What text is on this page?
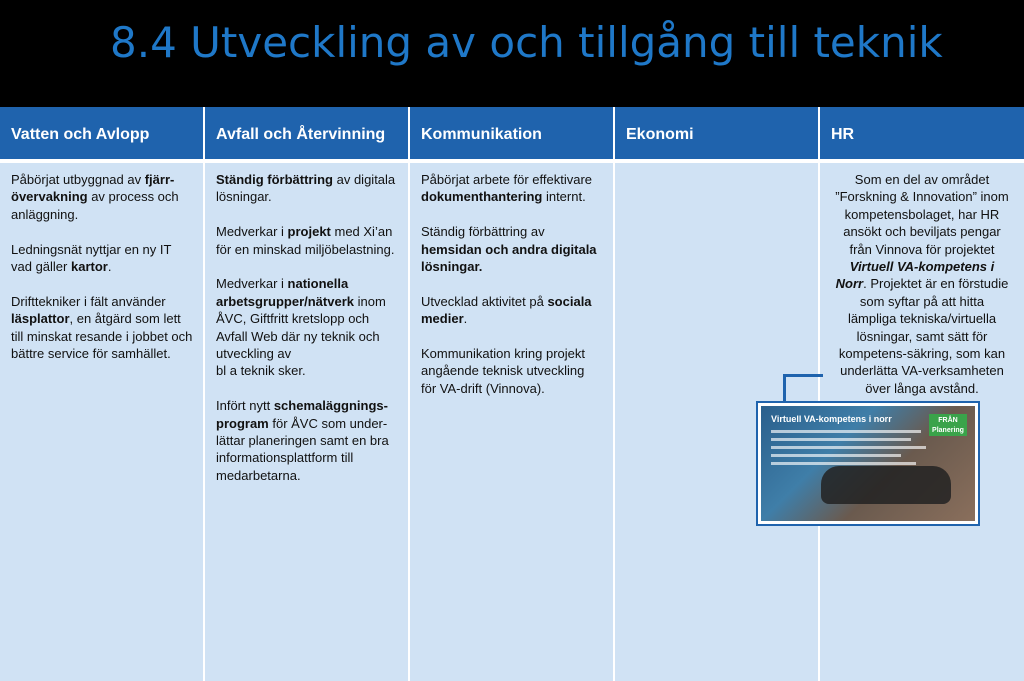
8.4 Utveckling av och tillgång till teknik
Vatten och Avlopp

Påbörjat utbyggnad av fjärr-övervakning av process och anläggning.

Ledningsnät nyttjar en ny IT vad gäller kartor.

Drifttekniker i fält använder läsplattor, en åtgärd som lett till minskat resande i jobbet och bättre service för samhället.

Avfall och Återvinning

Ständig förbättring av digitala lösningar.

Medverkar i projekt med Xi’an för en minskad miljöbelastning.

Medverkar i nationella arbetsgrupper/nätverk inom ÅVC, Giftfritt kretslopp och Avfall Web där ny teknik och utveckling av
bl a teknik sker.

Infört nytt schemaläggnings-program för ÅVC som under-lättar planeringen samt en bra informationsplattform till medarbetarna.

Kommunikation

Påbörjat arbete för effektivare dokumenthantering internt.

Ständig förbättring av hemsidan och andra digitala lösningar.

Utvecklad aktivitet på sociala medier.

Kommunikation kring projekt angående teknisk utveckling för VA-drift (Vinnova).

Ekonomi	HR

Som en del av området ”Forskning & Innovation” inom kompetensbolaget, har HR ansökt och beviljats pengar från Vinnova för projektet Virtuell VA-kompetens i Norr. Projektet är en förstudie som syftar på att hitta lämpliga tekniska/virtuella lösningar, samt sätt för kompetens-säkring, som kan underlätta VA-verksamheten över långa avstånd.

Virtuell VA-kompetens i norr	FRÅN Planering
